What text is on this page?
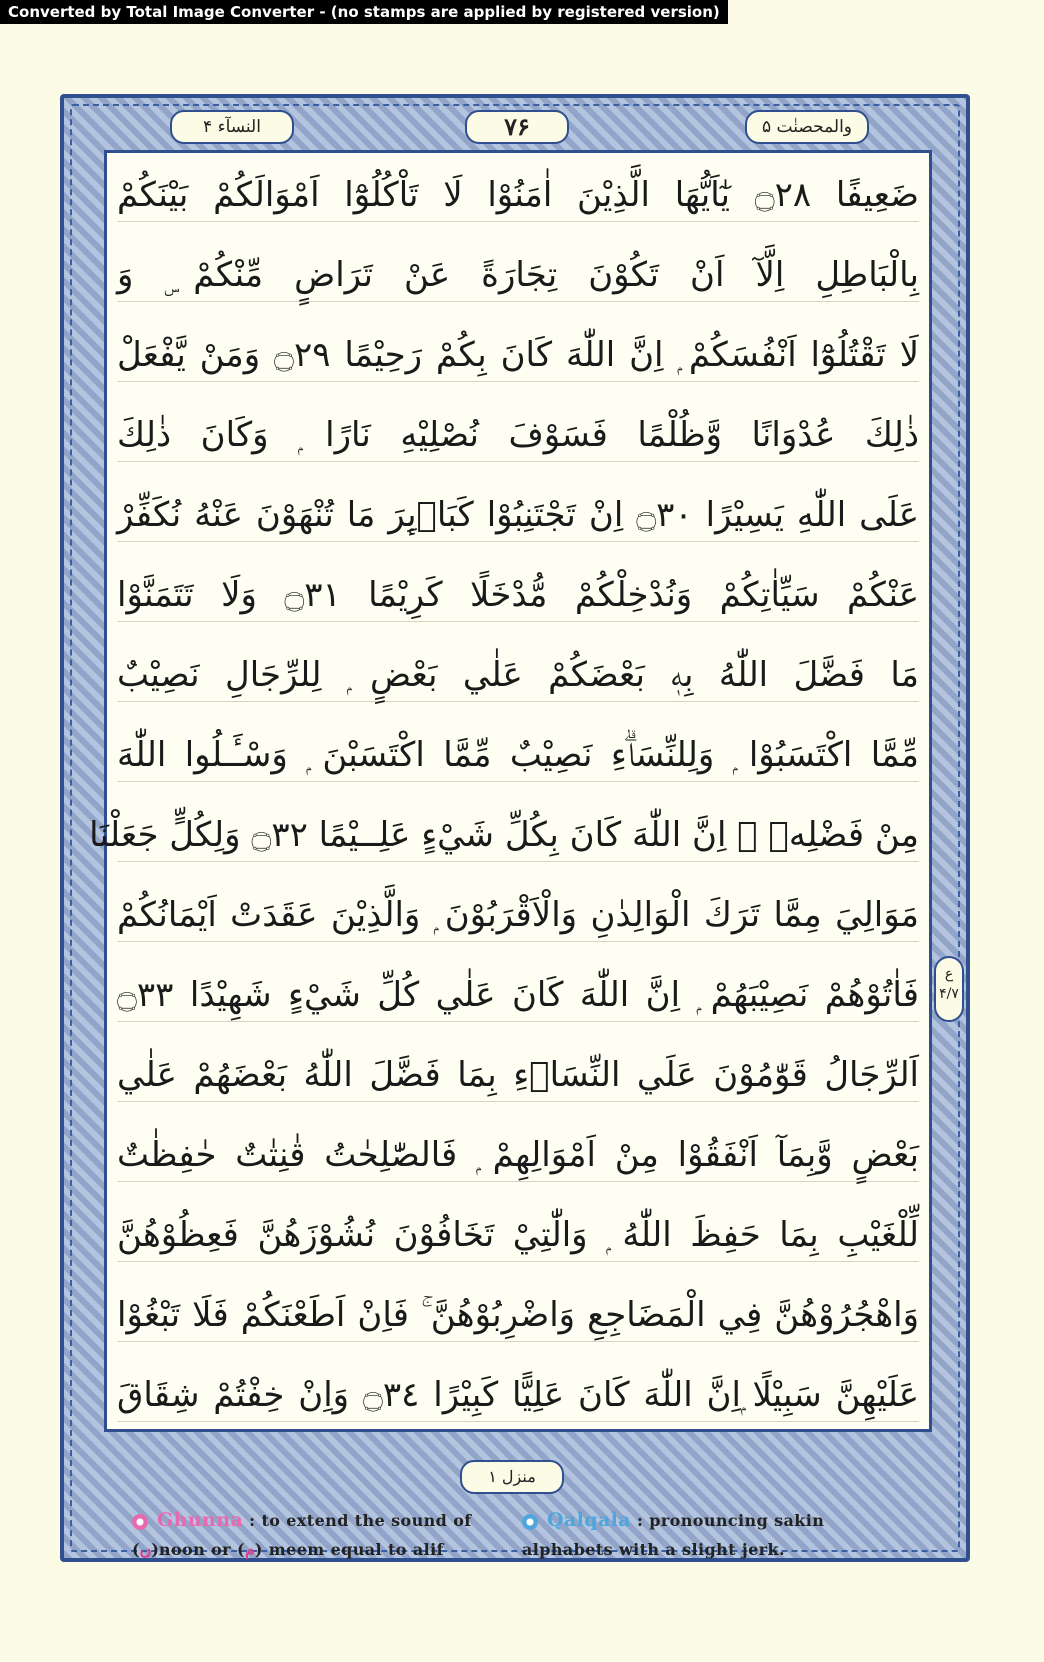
Converted by Total Image Converter - (no stamps are applied by registered version)
النسآء ۴	۷۶	والمحصنٰت ۵
ضَعِيفًا ۝٢٨ يٰٓاَيُّهَا الَّذِيْنَ اٰمَنُوْا لَا تَاْكُلُوْٓا اَمْوَالَكُمْ بَيْنَكُمْ
بِالْبَاطِلِ اِلَّآ اَنْ تَكُوْنَ تِجَارَةً عَنْ تَرَاضٍ مِّنْكُمْ ۣ وَ
لَا تَقْتُلُوْٓا اَنْفُسَكُمْ ۭ اِنَّ اللّٰهَ كَانَ بِكُمْ رَحِيْمًا ۝٢٩ وَمَنْ يَّفْعَلْ
ذٰلِكَ عُدْوَانًا وَّظُلْمًا فَسَوْفَ نُصْلِيْهِ نَارًا ۭ وَكَانَ ذٰلِكَ
عَلَى اللّٰهِ يَسِيْرًا ۝٣٠ اِنْ تَجْتَنِبُوْا كَبَاۗىِٕرَ مَا تُنْهَوْنَ عَنْهُ نُكَفِّرْ
عَنْكُمْ سَيِّاٰتِكُمْ وَنُدْخِلْكُمْ مُّدْخَلًا كَرِيْمًا ۝٣١ وَلَا تَتَمَنَّوْا
مَا فَضَّلَ اللّٰهُ بِهٖ بَعْضَكُمْ عَلٰي بَعْضٍ ۭ لِلرِّجَالِ نَصِيْبٌ
مِّمَّا اكْتَسَبُوْا ۭ وَلِلنِّسَاۗءِ نَصِيْبٌ مِّمَّا اكْتَسَبْنَ ۭ وَسْـَٔـلُوا اللّٰهَ
مِنْ فَضْلِهٖ ۭ اِنَّ اللّٰهَ كَانَ بِكُلِّ شَيْءٍ عَلِــيْمًا ۝٣٢ وَلِكُلٍّ جَعَلْنَا
مَوَالِيَ مِمَّا تَرَكَ الْوَالِدٰنِ وَالْاَقْرَبُوْنَ ۭ وَالَّذِيْنَ عَقَدَتْ اَيْمَانُكُمْ
فَاٰتُوْھُمْ نَصِيْبَھُمْ ۭ اِنَّ اللّٰهَ كَانَ عَلٰي كُلِّ شَيْءٍ شَهِيْدًا ۝٣٣
اَلرِّجَالُ قَوّٰمُوْنَ عَلَي النِّسَاۗءِ بِمَا فَضَّلَ اللّٰهُ بَعْضَھُمْ عَلٰي
بَعْضٍ وَّبِمَآ اَنْفَقُوْا مِنْ اَمْوَالِهِمْ ۭ فَالصّٰلِحٰتُ قٰنِتٰتٌ حٰفِظٰتٌ
لِّلْغَيْبِ بِمَا حَفِظَ اللّٰهُ ۭ وَالّٰتِيْ تَخَافُوْنَ نُشُوْزَھُنَّ فَعِظُوْھُنَّ
وَاهْجُرُوْھُنَّ فِي الْمَضَاجِعِ وَاضْرِبُوْھُنَّ ۚ فَاِنْ اَطَعْنَكُمْ فَلَا تَبْغُوْا
عَلَيْهِنَّ سَبِيْلًا ۭاِنَّ اللّٰهَ كَانَ عَلِيًّا كَبِيْرًا ۝٣٤ وَاِنْ خِفْتُمْ شِقَاقَ
ع ۴/۷
منزل ۱
Ghunna : to extend the sound of
(ں)noon or (م) meem equal to alif
Qalqala : pronouncing sakin
alphabets with a slight jerk.
